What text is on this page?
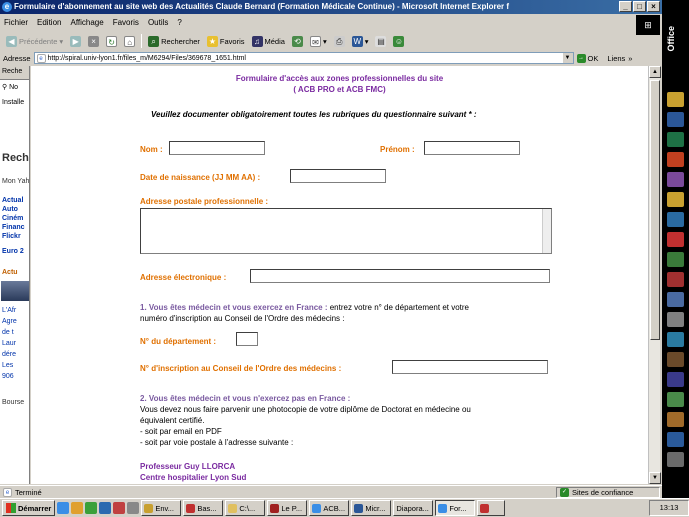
e Formulaire d'abonnement au site web des Actualités Claude Bernard (Formation Médicale Continue) - Microsoft Internet Explorer f	_	□	×
Fichier Edition Affichage Favoris Outils ?	⊞
◀ Précédente ▾	▶	×	↻	⌂	⌕ Rechercher ★ Favoris	♫ Média ⟲ ✉ ▾ ⎙ W ▾ ▤ ☺
Adresse	e http://spiral.univ-lyon1.fr/files_m/M6294/Files/369678_1651.html	▼	→ OK Liens »
Reche
⚲ No
Installe
Rech
Mon Yah
Actual
Auto
Ciném
Financ
Flickr
Euro 2
Actu
L'Afr
Agre
de t
Laur
dére
Les
906
Bourse
Formulaire d'accès aux zones professionnelles du site
( ACB PRO et ACB FMC)
Veuillez documenter obligatoirement toutes les rubriques du questionnaire suivant * :
Nom :	Prénom :
Date de naissance (JJ MM AA) :
Adresse postale professionnelle :
Adresse électronique :
1. Vous êtes médecin et vous exercez en France : entrez votre n° de département et votre
numéro d'inscription au Conseil de l'Ordre des médecins :
N° du département :
N° d'inscription au Conseil de l'Ordre des médecins :
2. Vous êtes médecin et vous n'exercez pas en France :
Vous devez nous faire parvenir une photocopie de votre diplôme de Doctorat en médecine ou
équivalent certifié.
- soit par email en PDF
- soit par voie postale à l'adresse suivante :
Professeur Guy LLORCA
Centre hospitalier Lyon Sud
▲
▼
e Terminé	✓ Sites de confiance
Office
Démarrer	Env...	Bas...	C:\...	Le P...	ACB...	Micr... Diapora...	For...	13:13
